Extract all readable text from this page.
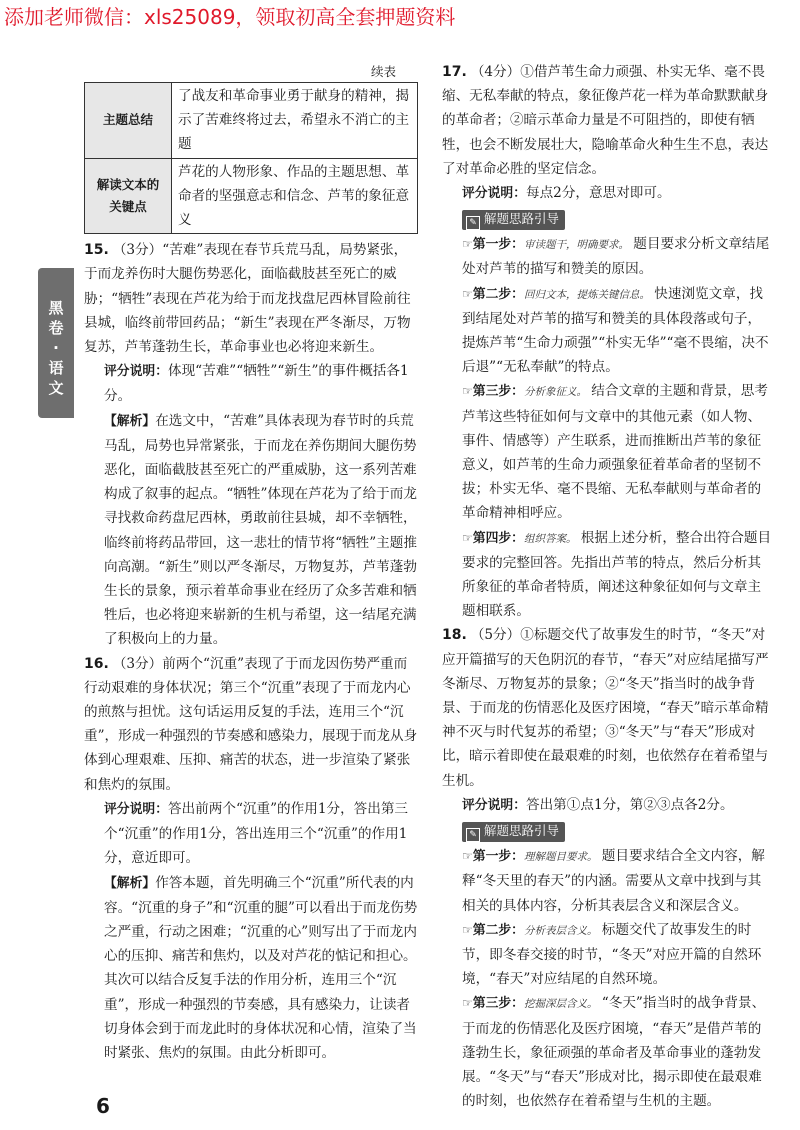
添加老师微信：xls25089，领取初高全套押题资料
黑
卷
·
语
文
续表
主题总结	了战友和革命事业勇于献身的精神，揭示了苦难终将过去，希望永不消亡的主题
解读文本的关键点	芦花的人物形象、作品的主题思想、革命者的坚强意志和信念、芦苇的象征意义

15. （3分）“苦难”表现在春节兵荒马乱，局势紧张，于而龙养伤时大腿伤势恶化，面临截肢甚至死亡的威胁；“牺牲”表现在芦花为给于而龙找盘尼西林冒险前往县城，临终前带回药品；“新生”表现在严冬渐尽，万物复苏，芦苇蓬勃生长，革命事业也必将迎来新生。

评分说明：体现“苦难”“牺牲”“新生”的事件概括各1分。

【解析】在选文中，“苦难”具体表现为春节时的兵荒马乱，局势也异常紧张，于而龙在养伤期间大腿伤势恶化，面临截肢甚至死亡的严重威胁，这一系列苦难构成了叙事的起点。“牺牲”体现在芦花为了给于而龙寻找救命药盘尼西林，勇敢前往县城，却不幸牺牲，临终前将药品带回，这一悲壮的情节将“牺牲”主题推向高潮。“新生”则以严冬渐尽，万物复苏，芦苇蓬勃生长的景象，预示着革命事业在经历了众多苦难和牺牲后，也必将迎来崭新的生机与希望，这一结尾充满了积极向上的力量。

16. （3分）前两个“沉重”表现了于而龙因伤势严重而行动艰难的身体状况；第三个“沉重”表现了于而龙内心的煎熬与担忧。这句话运用反复的手法，连用三个“沉重”，形成一种强烈的节奏感和感染力，展现于而龙从身体到心理艰难、压抑、痛苦的状态，进一步渲染了紧张和焦灼的氛围。

评分说明：答出前两个“沉重”的作用1分，答出第三个“沉重”的作用1分，答出连用三个“沉重”的作用1分，意近即可。

【解析】作答本题，首先明确三个“沉重”所代表的内容。“沉重的身子”和“沉重的腿”可以看出于而龙伤势之严重，行动之困难；“沉重的心”则写出了于而龙内心的压抑、痛苦和焦灼，以及对芦花的惦记和担心。其次可以结合反复手法的作用分析，连用三个“沉重”，形成一种强烈的节奏感，具有感染力，让读者切身体会到于而龙此时的身体状况和心情，渲染了当时紧张、焦灼的氛围。由此分析即可。

17. （4分）①借芦苇生命力顽强、朴实无华、毫不畏缩、无私奉献的特点，象征像芦花一样为革命默默献身的革命者；②暗示革命力量是不可阻挡的，即使有牺牲，也会不断发展壮大，隐喻革命火种生生不息，表达了对革命必胜的坚定信念。

评分说明：每点2分，意思对即可。

✎ 解题思路引导

☞第一步：审读题干，明确要求。 题目要求分析文章结尾处对芦苇的描写和赞美的原因。

☞第二步：回归文本，提炼关键信息。 快速浏览文章，找到结尾处对芦苇的描写和赞美的具体段落或句子，提炼芦苇“生命力顽强”“朴实无华”“毫不畏缩，决不后退”“无私奉献”的特点。

☞第三步：分析象征义。 结合文章的主题和背景，思考芦苇这些特征如何与文章中的其他元素（如人物、事件、情感等）产生联系，进而推断出芦苇的象征意义，如芦苇的生命力顽强象征着革命者的坚韧不拔；朴实无华、毫不畏缩、无私奉献则与革命者的革命精神相呼应。

☞第四步：组织答案。 根据上述分析，整合出符合题目要求的完整回答。先指出芦苇的特点，然后分析其所象征的革命者特质，阐述这种象征如何与文章主题相联系。

18. （5分）①标题交代了故事发生的时节，“冬天”对应开篇描写的天色阴沉的春节，“春天”对应结尾描写严冬渐尽、万物复苏的景象；②“冬天”指当时的战争背景、于而龙的伤情恶化及医疗困境，“春天”暗示革命精神不灭与时代复苏的希望；③“冬天”与“春天”形成对比，暗示着即使在最艰难的时刻，也依然存在着希望与生机。

评分说明：答出第①点1分，第②③点各2分。

✎ 解题思路引导

☞第一步：理解题目要求。 题目要求结合全文内容，解释“冬天里的春天”的内涵。需要从文章中找到与其相关的具体内容，分析其表层含义和深层含义。

☞第二步：分析表层含义。 标题交代了故事发生的时节，即冬春交接的时节，“冬天”对应开篇的自然环境，“春天”对应结尾的自然环境。

☞第三步：挖掘深层含义。 “冬天”指当时的战争背景、于而龙的伤情恶化及医疗困境，“春天”是借芦苇的蓬勃生长，象征顽强的革命者及革命事业的蓬勃发展。“冬天”与“春天”形成对比，揭示即使在最艰难的时刻，也依然存在着希望与生机的主题。

6
